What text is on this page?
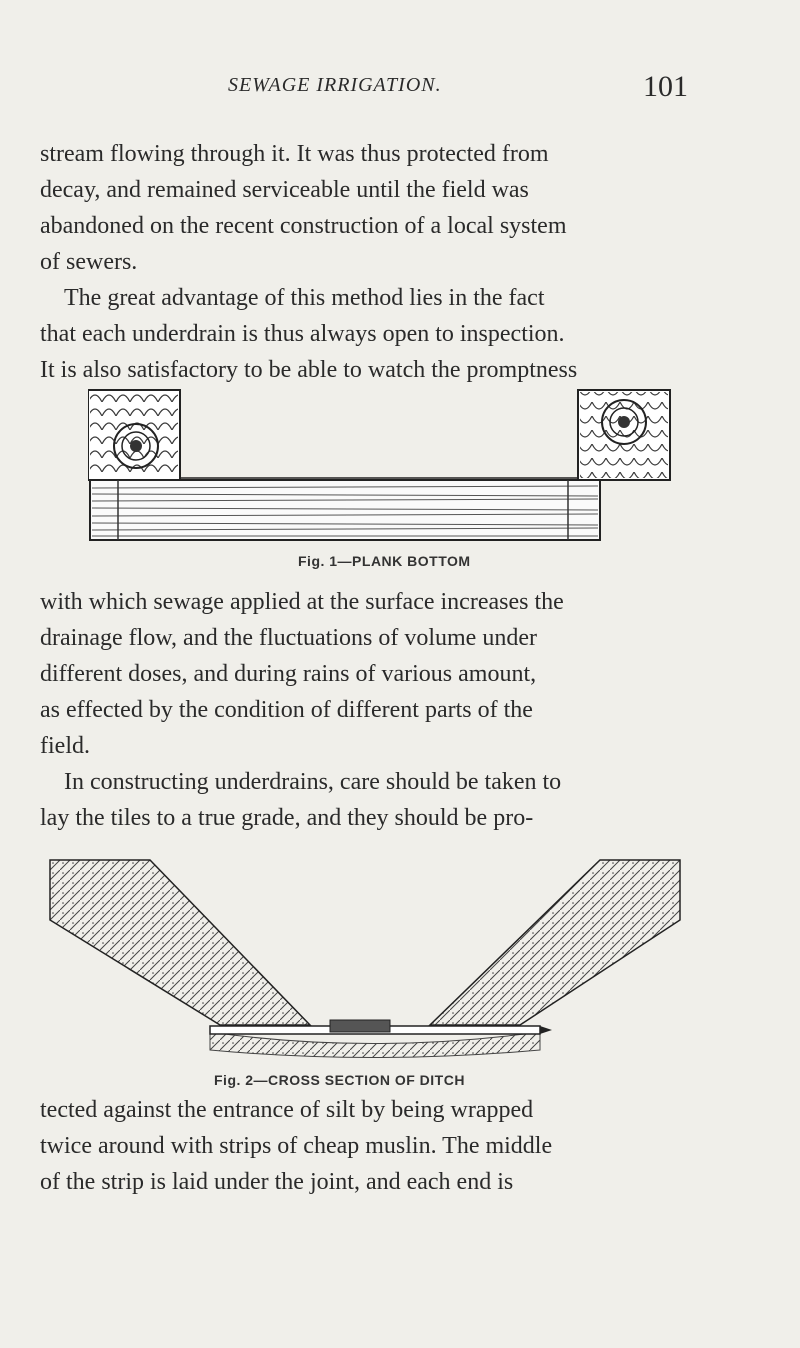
SEWAGE IRRIGATION.	101
stream flowing through it. It was thus protected from
decay, and remained serviceable until the field was
abandoned on the recent construction of a local system
of sewers.
The great advantage of this method lies in the fact
that each underdrain is thus always open to inspection.
It is also satisfactory to be able to watch the promptness
Fig. 1—PLANK BOTTOM
with which sewage applied at the surface increases the
drainage flow, and the fluctuations of volume under
different doses, and during rains of various amount,
as effected by the condition of different parts of the
field.
In constructing underdrains, care should be taken to
lay the tiles to a true grade, and they should be pro-
Fig. 2—CROSS SECTION OF DITCH
tected against the entrance of silt by being wrapped
twice around with strips of cheap muslin. The middle
of the strip is laid under the joint, and each end is
